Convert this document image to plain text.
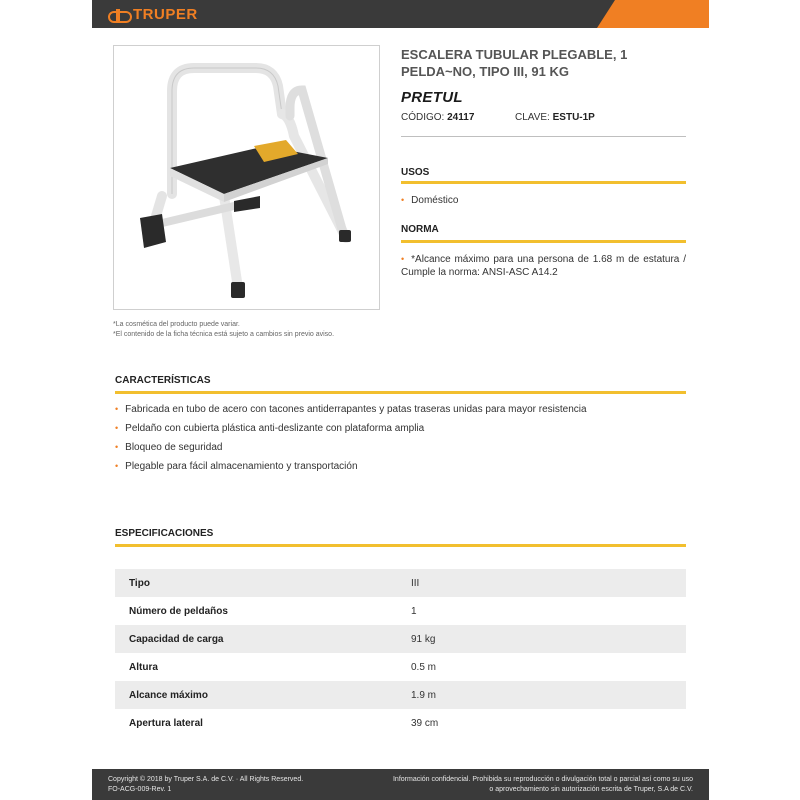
TRUPER
*La cosmética del producto puede variar.
*El contenido de la ficha técnica está sujeto a cambios sin previo aviso.
ESCALERA TUBULAR PLEGABLE, 1 PELDA~NO, TIPO III, 91 KG
PRETUL
CÓDIGO: 24117	CLAVE: ESTU-1P
USOS
• Doméstico
NORMA
• *Alcance máximo para una persona de 1.68 m de estatura / Cumple la norma: ANSI-ASC A14.2
CARACTERÍSTICAS
• Fabricada en tubo de acero con tacones antiderrapantes y patas traseras unidas para mayor resistencia
• Peldaño con cubierta plástica anti-deslizante con plataforma amplia
• Bloqueo de seguridad
• Plegable para fácil almacenamiento y transportación
ESPECIFICACIONES
Tipo	III
Número de peldaños	1
Capacidad de carga	91 kg
Altura	0.5 m
Alcance máximo	1.9 m
Apertura lateral	39 cm
Copyright © 2018 by Truper S.A. de C.V. · All Rights Reserved.
FO-ACG-009-Rev. 1
Información confidencial. Prohibida su reproducción o divulgación total o parcial así como su uso
o aprovechamiento sin autorización escrita de Truper, S.A de C.V.
